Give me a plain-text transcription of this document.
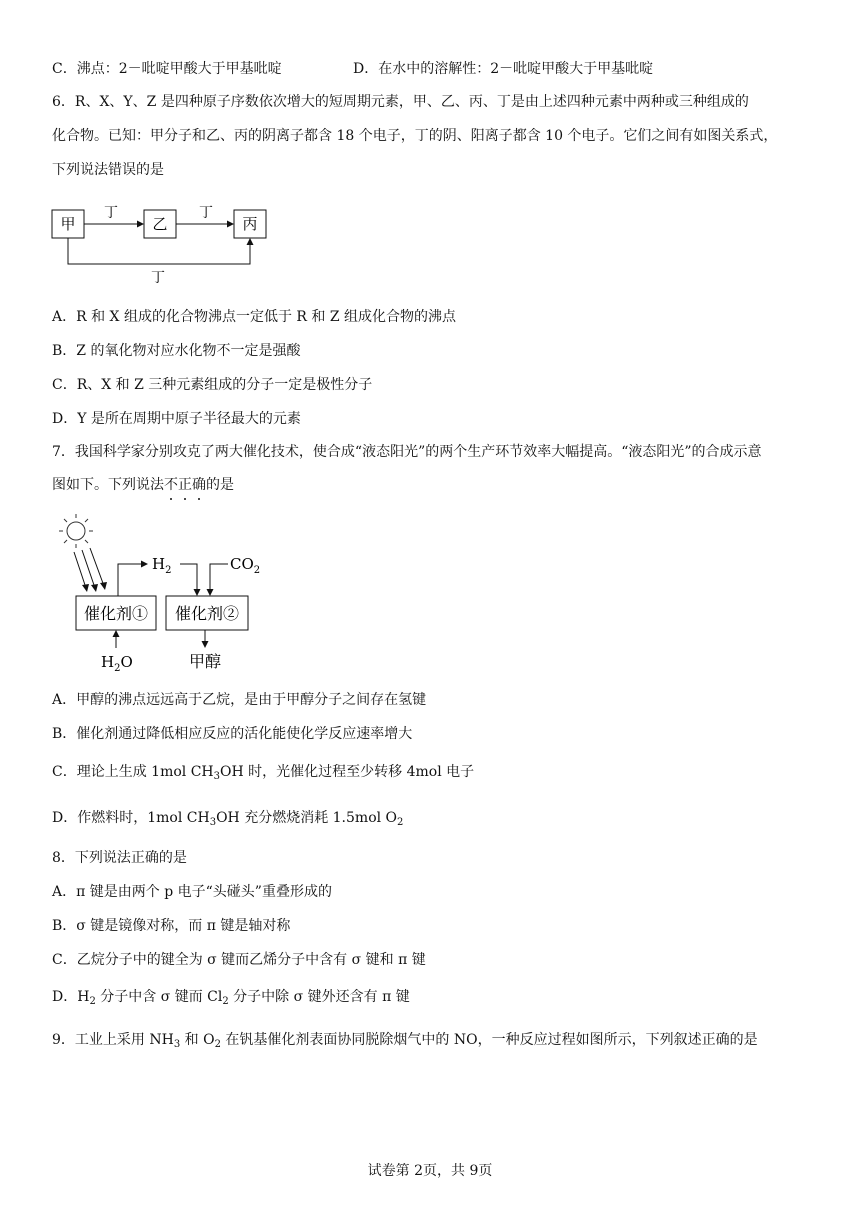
C．沸点：2－吡啶甲酸大于甲基吡啶	D．在水中的溶解性：2－吡啶甲酸大于甲基吡啶
6．R、X、Y、Z 是四种原子序数依次增大的短周期元素，甲、乙、丙、丁是由上述四种元素中两种或三种组成的
化合物。已知：甲分子和乙、丙的阴离子都含 18 个电子，丁的阴、阳离子都含 10 个电子。它们之间有如图关系式，
下列说法错误的是
甲	乙	丙
丁	丁
丁
A．R 和 X 组成的化合物沸点一定低于 R 和 Z 组成化合物的沸点
B．Z 的氧化物对应水化物不一定是强酸
C．R、X 和 Z 三种元素组成的分子一定是极性分子
D．Y 是所在周期中原子半径最大的元素
7．我国科学家分别攻克了两大催化技术，使合成“液态阳光”的两个生产环节效率大幅提高。“液态阳光”的合成示意
图如下。下列说法不正确的是
催化剂① 催化剂②
$H_2$	$CO_2$
$H_2O$	甲醇
A．甲醇的沸点远远高于乙烷，是由于甲醇分子之间存在氢键
B．催化剂通过降低相应反应的活化能使化学反应速率增大
C．理论上生成 1mol $CH_3OH$ 时，光催化过程至少转移 4mol 电子
D．作燃料时，1mol $CH_3OH$ 充分燃烧消耗 1.5mol $O_2$
8．下列说法正确的是
A．π 键是由两个 p 电子“头碰头”重叠形成的
B．σ 键是镜像对称，而 π 键是轴对称
C．乙烷分子中的键全为 σ 键而乙烯分子中含有 σ 键和 π 键
D．$H_2$ 分子中含 σ 键而 $Cl_2$ 分子中除 σ 键外还含有 π 键
9．工业上采用 $NH_3$ 和 $O_2$ 在钒基催化剂表面协同脱除烟气中的 NO，一种反应过程如图所示，下列叙述正确的是
试卷第 2页，共 9页
